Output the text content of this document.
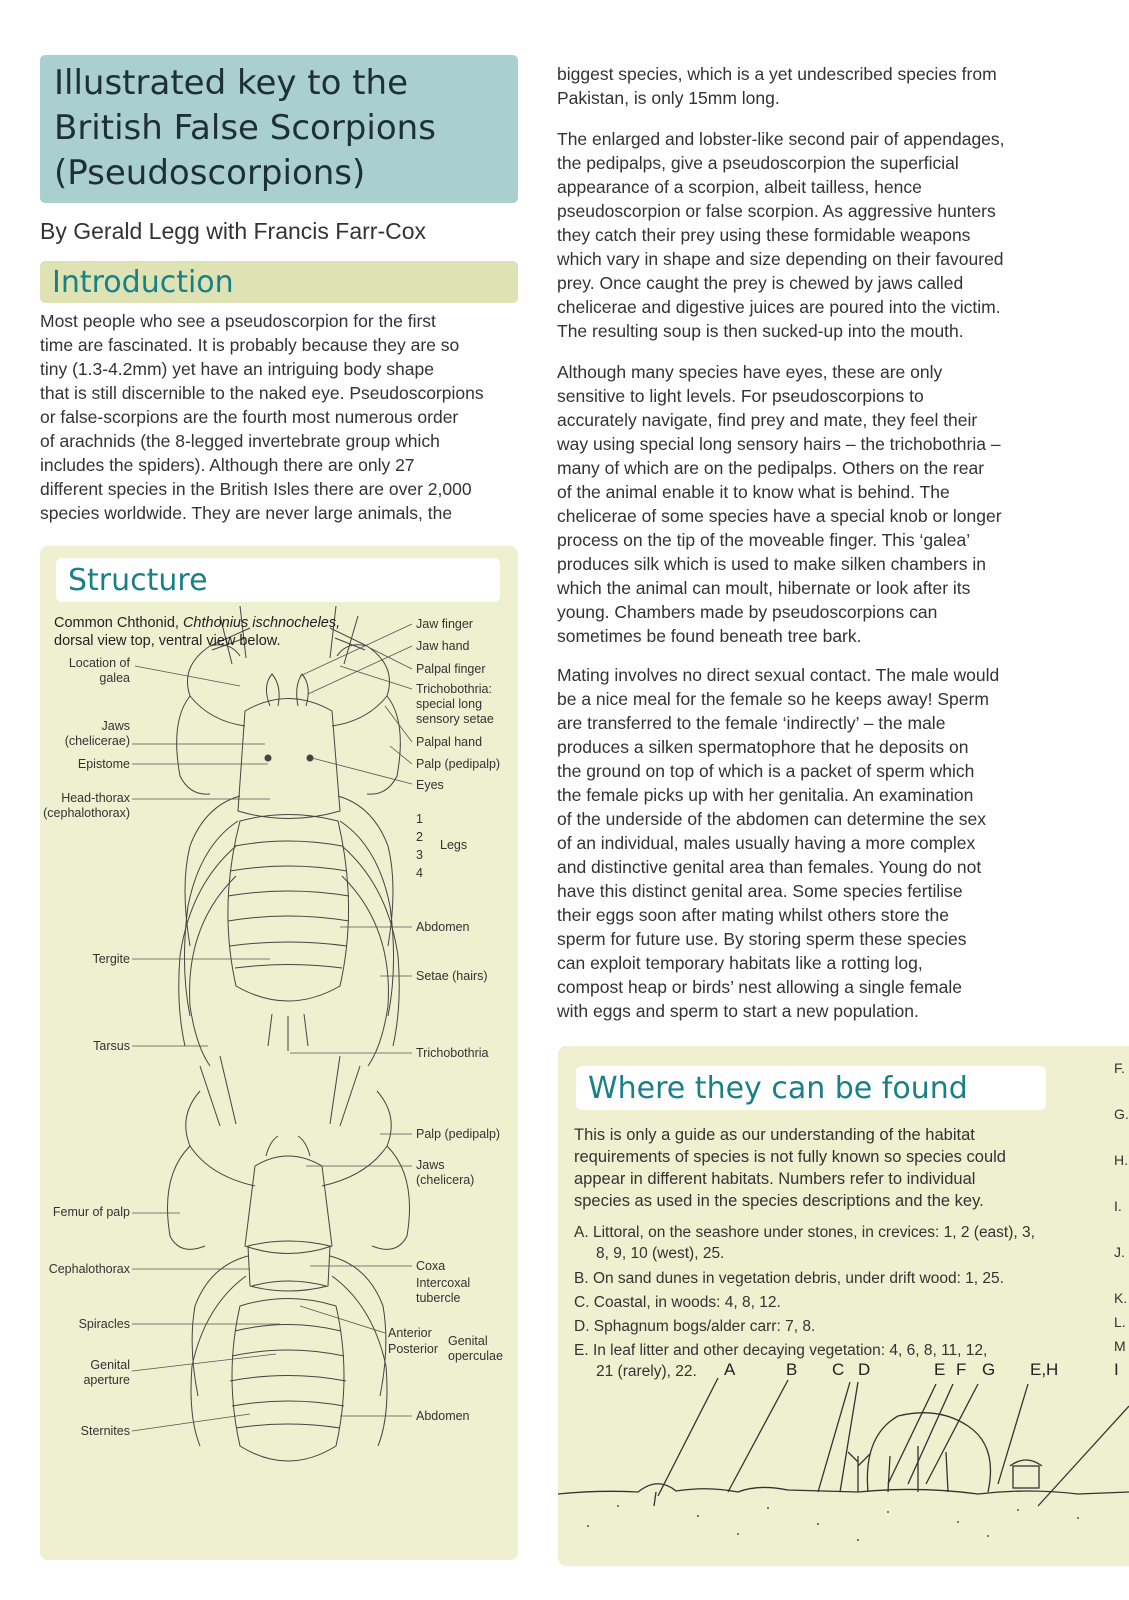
Illustrated key to the
British False Scorpions
(Pseudoscorpions)
By Gerald Legg with Francis Farr-Cox
Introduction
Most people who see a pseudoscorpion for the first
time are fascinated. It is probably because they are so
tiny (1.3-4.2mm) yet have an intriguing body shape
that is still discernible to the naked eye. Pseudoscorpions
or false-scorpions are the fourth most numerous order
of arachnids (the 8-legged invertebrate group which
includes the spiders). Although there are only 27
different species in the British Isles there are over 2,000
species worldwide. They are never large animals, the
biggest species, which is a yet undescribed species from
Pakistan, is only 15mm long.
The enlarged and lobster-like second pair of appendages,
the pedipalps, give a pseudoscorpion the superficial
appearance of a scorpion, albeit tailless, hence
pseudoscorpion or false scorpion. As aggressive hunters
they catch their prey using these formidable weapons
which vary in shape and size depending on their favoured
prey. Once caught the prey is chewed by jaws called
chelicerae and digestive juices are poured into the victim.
The resulting soup is then sucked-up into the mouth.
Although many species have eyes, these are only
sensitive to light levels. For pseudoscorpions to
accurately navigate, find prey and mate, they feel their
way using special long sensory hairs – the trichobothria –
many of which are on the pedipalps. Others on the rear
of the animal enable it to know what is behind. The
chelicerae of some species have a special knob or longer
process on the tip of the moveable finger. This ‘galea’
produces silk which is used to make silken chambers in
which the animal can moult, hibernate or look after its
young. Chambers made by pseudoscorpions can
sometimes be found beneath tree bark.
Mating involves no direct sexual contact. The male would
be a nice meal for the female so he keeps away! Sperm
are transferred to the female ‘indirectly’ – the male
produces a silken spermatophore that he deposits on
the ground on top of which is a packet of sperm which
the female picks up with her genitalia. An examination
of the underside of the abdomen can determine the sex
of an individual, males usually having a more complex
and distinctive genital area than females. Young do not
have this distinct genital area. Some species fertilise
their eggs soon after mating whilst others store the
sperm for future use. By storing sperm these species
can exploit temporary habitats like a rotting log,
compost heap or birds’ nest allowing a single female
with eggs and sperm to start a new population.
Structure
Common Chthonid, Chthonius ischnocheles,
dorsal view top, ventral view below.
Location of
galea
Jaws
(chelicerae)
Epistome
Head-thorax
(cephalothorax)
Tergite
Tarsus
Femur of palp
Cephalothorax
Spiracles
Genital
aperture
Sternites
Jaw finger
Jaw hand
Palpal finger
Trichobothria:
special long
sensory setae
Palpal hand
Palp (pedipalp)
Eyes
1
2
3
4
Legs
Abdomen
Setae (hairs)
Trichobothria
Palp (pedipalp)
Jaws
(chelicera)
Coxa
Intercoxal
tubercle
Anterior
Posterior
Genital
operculae
Abdomen
Where they can be found
This is only a guide as our understanding of the habitat
requirements of species is not fully known so species could
appear in different habitats. Numbers refer to individual
species as used in the species descriptions and the key.
A. Littoral, on the seashore under stones, in crevices: 1, 2 (east), 3,
8, 9, 10 (west), 25.
B. On sand dunes in vegetation debris, under drift wood: 1, 25.
C. Coastal, in woods: 4, 8, 12.
D. Sphagnum bogs/alder carr: 7, 8.
E. In leaf litter and other decaying vegetation: 4, 6, 8, 11, 12,
21 (rarely), 22.	A	B C D	E F G E,H	I
F.
G.
H.
I.
J.
K.
L.
M
